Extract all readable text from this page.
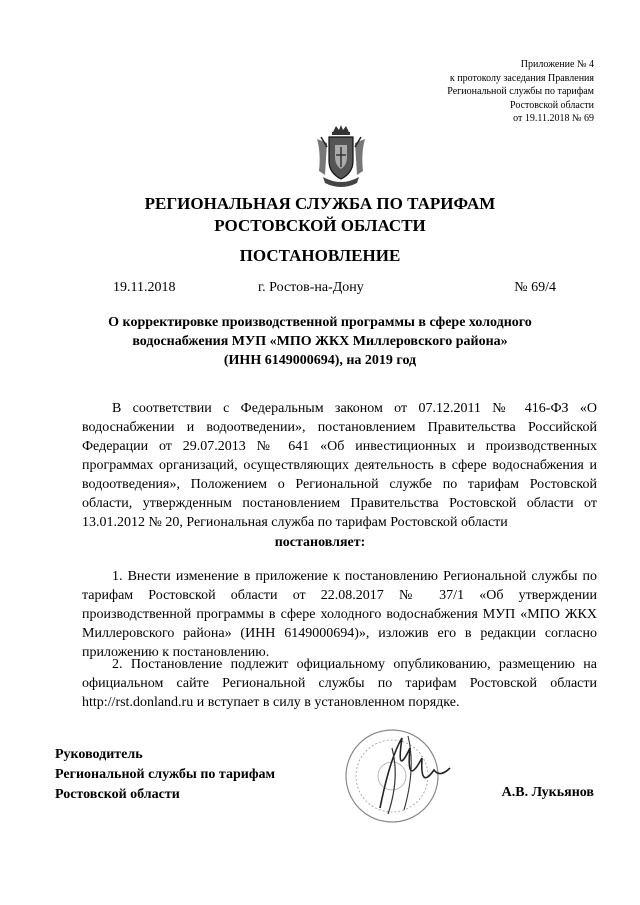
Приложение № 4
к протоколу заседания Правления
Региональной службы по тарифам
Ростовской области
от 19.11.2018 № 69
РЕГИОНАЛЬНАЯ СЛУЖБА ПО ТАРИФАМ
РОСТОВСКОЙ ОБЛАСТИ
ПОСТАНОВЛЕНИЕ
19.11.2018	г. Ростов-на-Дону	№ 69/4
О корректировке производственной программы в сфере холодного
водоснабжения МУП «МПО ЖКХ Миллеровского района»
(ИНН 6149000694), на 2019 год
В соответствии с Федеральным законом от 07.12.2011 № 416-ФЗ «О водоснабжении и водоотведении», постановлением Правительства Российской Федерации от 29.07.2013 № 641 «Об инвестиционных и производственных программах организаций, осуществляющих деятельность в сфере водоснабжения и водоотведения», Положением о Региональной службе по тарифам Ростовской области, утвержденным постановлением Правительства Ростовской области от 13.01.2012 № 20, Региональная служба по тарифам Ростовской области
постановляет:
1. Внести изменение в приложение к постановлению Региональной службы по тарифам Ростовской области от 22.08.2017 № 37/1 «Об утверждении производственной программы в сфере холодного водоснабжения МУП «МПО ЖКХ Миллеровского района» (ИНН 6149000694)», изложив его в редакции согласно приложению к постановлению.
2. Постановление подлежит официальному опубликованию, размещению на официальном сайте Региональной службы по тарифам Ростовской области http://rst.donland.ru и вступает в силу в установленном порядке.
Руководитель
Региональной службы по тарифам
Ростовской области	А.В. Лукьянов
